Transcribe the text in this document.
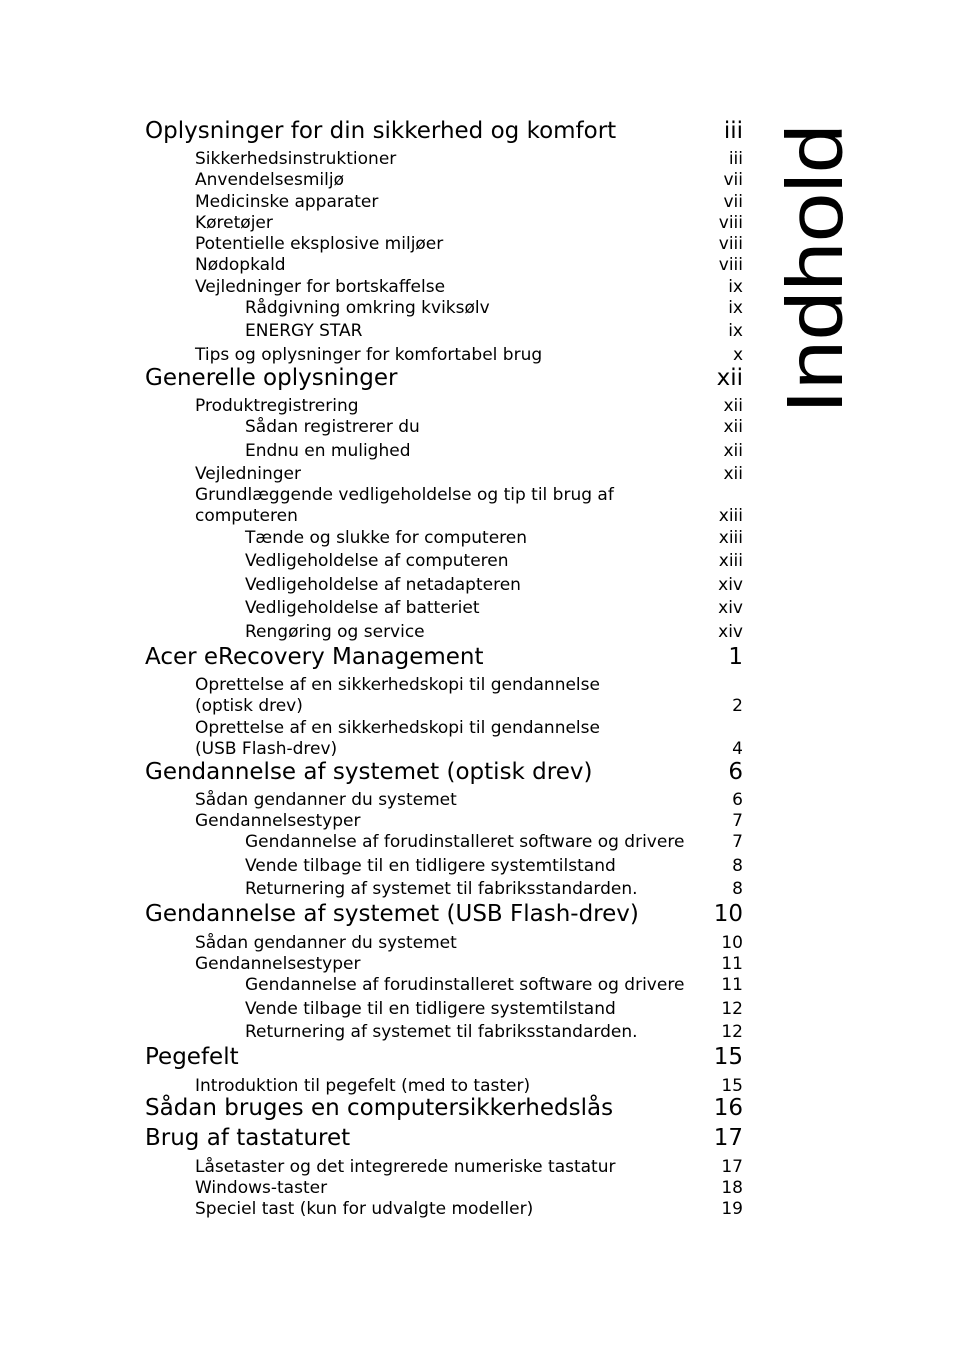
Indhold
Oplysninger for din sikkerhed og komfort	iii
Sikkerhedsinstruktioner	iii
Anvendelsesmiljø	vii
Medicinske apparater	vii
Køretøjer	viii
Potentielle eksplosive miljøer	viii
Nødopkald	viii
Vejledninger for bortskaffelse	ix
Rådgivning omkring kviksølv	ix
ENERGY STAR	ix
Tips og oplysninger for komfortabel brug	x
Generelle oplysninger	xii
Produktregistrering	xii
Sådan registrerer du	xii
Endnu en mulighed	xii
Vejledninger	xii
Grundlæggende vedligeholdelse og tip til brug af
computeren	xiii
Tænde og slukke for computeren	xiii
Vedligeholdelse af computeren	xiii
Vedligeholdelse af netadapteren	xiv
Vedligeholdelse af batteriet	xiv
Rengøring og service	xiv
Acer eRecovery Management	1
Oprettelse af en sikkerhedskopi til gendannelse
(optisk drev)	2
Oprettelse af en sikkerhedskopi til gendannelse
(USB Flash-drev)	4
Gendannelse af systemet (optisk drev)	6
Sådan gendanner du systemet	6
Gendannelsestyper	7
Gendannelse af forudinstalleret software og drivere	7
Vende tilbage til en tidligere systemtilstand	8
Returnering af systemet til fabriksstandarden.	8
Gendannelse af systemet (USB Flash-drev)	10
Sådan gendanner du systemet	10
Gendannelsestyper	11
Gendannelse af forudinstalleret software og drivere 11
Vende tilbage til en tidligere systemtilstand	12
Returnering af systemet til fabriksstandarden.	12
Pegefelt	15
Introduktion til pegefelt (med to taster)	15
Sådan bruges en computersikkerhedslås	16
Brug af tastaturet	17
Låsetaster og det integrerede numeriske tastatur	17
Windows-taster	18
Speciel tast (kun for udvalgte modeller)	19
